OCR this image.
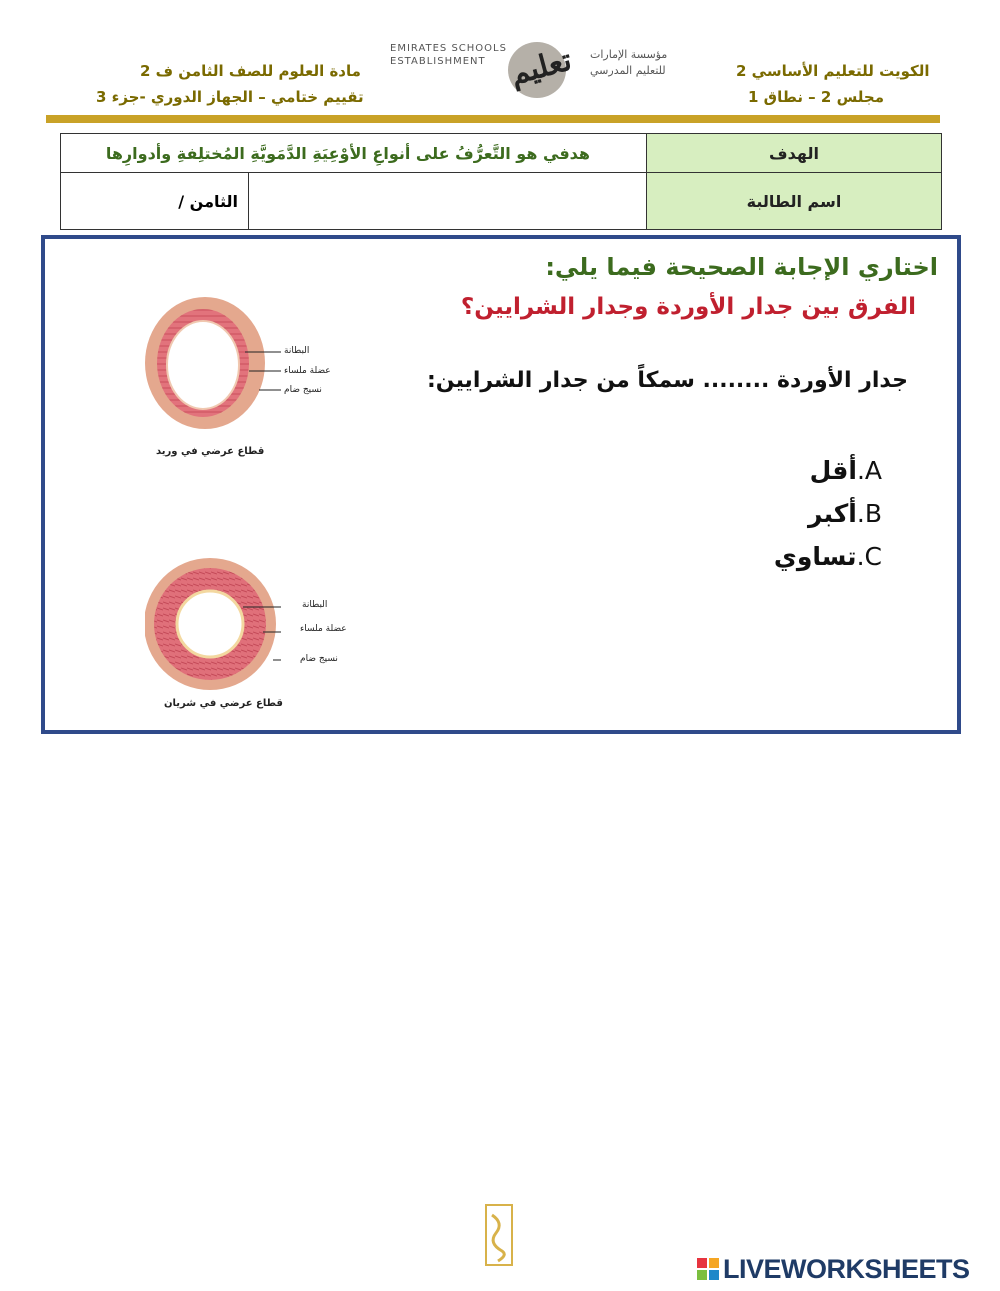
مادة العلوم للصف الثامن ف 2
تقييم ختامي – الجهاز الدوري -جزء 3
EMIRATES SCHOOLS
ESTABLISHMENT تعليم مؤسسة الإمارات
للتعليم المدرسي	الكويت للتعليم الأساسي 2
مجلس 2 – نطاق 1
هدفي هو التَّعرُّفُ على أنواعِ الأوْعِيَةِ الدَّمَويَّةِ المُختلِفةِ وأدوارِها		الهدف
الثامن /		اسم الطالبة
اختاري الإجابة الصحيحة فيما يلي:
الفرق بين جدار الأوردة وجدار الشرايين؟
جدار الأوردة ........ سمكاً من جدار الشرايين:
أقل.A
أكبر.B
تساوي.C
البطانة
عضلة ملساء
نسيج ضام
قطاع عرضي في وريد
البطانة
عضلة ملساء
نسيج ضام
قطاع عرضي في شريان
LIVEWORKSHEETS
